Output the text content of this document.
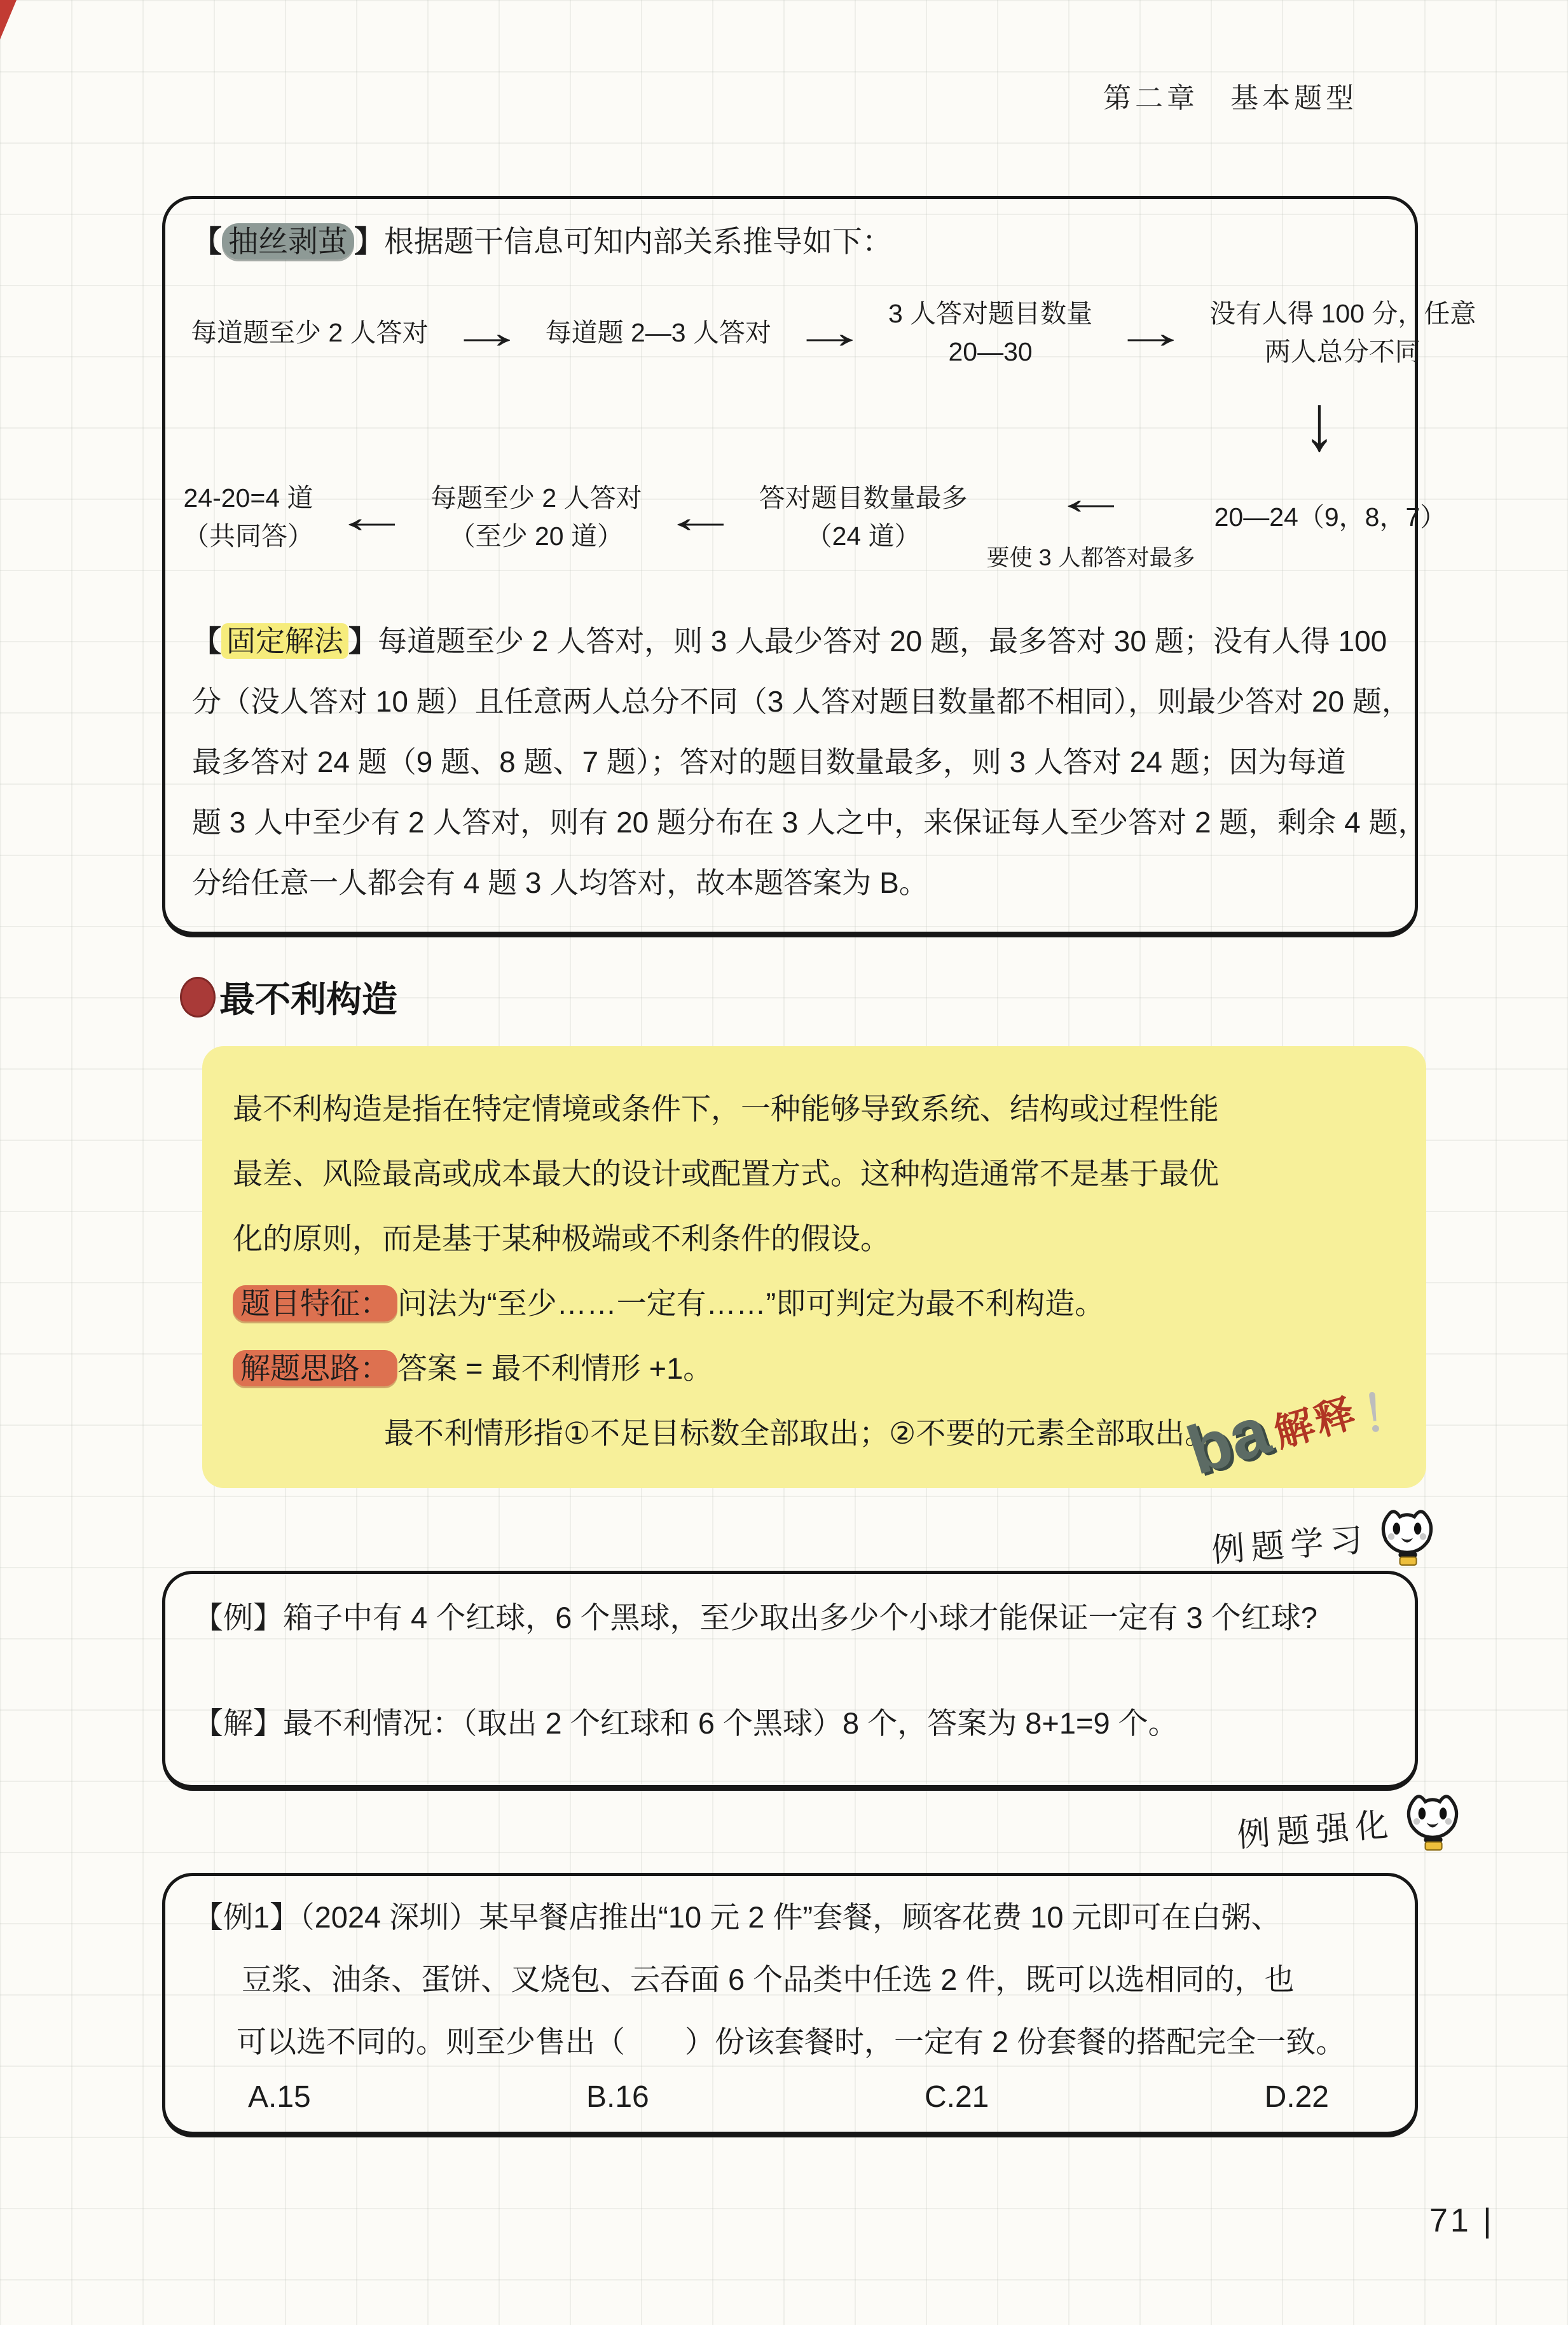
第二章　基本题型
【 抽丝剥茧 】根据题干信息可知内部关系推导如下：
每道题至少 2 人答对 → 每道题 2—3 人答对 → 3 人答对题目数量
20—30	→ 没有人得 100 分，任意
两人总分不同
↓
24-20=4 道
（共同答） ← 每题至少 2 人答对
（至少 20 道） ← 答对题目数量最多
（24 道）
←
要使 3 人都答对最多
20—24（9，8，7）
【 固定解法 】每道题至少 2 人答对，则 3 人最少答对 20 题，最多答对 30 题；没有人得 100
分（没人答对 10 题）且任意两人总分不同（3 人答对题目数量都不相同），则最少答对 20 题，
最多答对 24 题（9 题、8 题、7 题）；答对的题目数量最多，则 3 人答对 24 题；因为每道
题 3 人中至少有 2 人答对，则有 20 题分布在 3 人之中，来保证每人至少答对 2 题，剩余 4 题，
分给任意一人都会有 4 题 3 人均答对，故本题答案为 B。
最不利构造
最不利构造是指在特定情境或条件下，一种能够导致系统、结构或过程性能
最差、风险最高或成本最大的设计或配置方式。这种构造通常不是基于最优
化的原则，而是基于某种极端或不利条件的假设。
题目特征： 问法为“至少……一定有……”即可判定为最不利构造。
解题思路： 答案 = 最不利情形 +1。
最不利情形指①不足目标数全部取出；②不要的元素全部取出。
ba
解释
！
例题学习
【例】箱子中有 4 个红球，6 个黑球，至少取出多少个小球才能保证一定有 3 个红球?
【解】最不利情况：（取出 2 个红球和 6 个黑球）8 个，答案为 8+1=9 个。
例题强化
【例1】（2024 深圳）某早餐店推出“10 元 2 件”套餐，顾客花费 10 元即可在白粥、
豆浆、油条、蛋饼、叉烧包、云吞面 6 个品类中任选 2 件，既可以选相同的，也
可以选不同的。则至少售出（　　）份该套餐时，一定有 2 份套餐的搭配完全一致。
A.15	B.16	C.21	D.22
71 |
